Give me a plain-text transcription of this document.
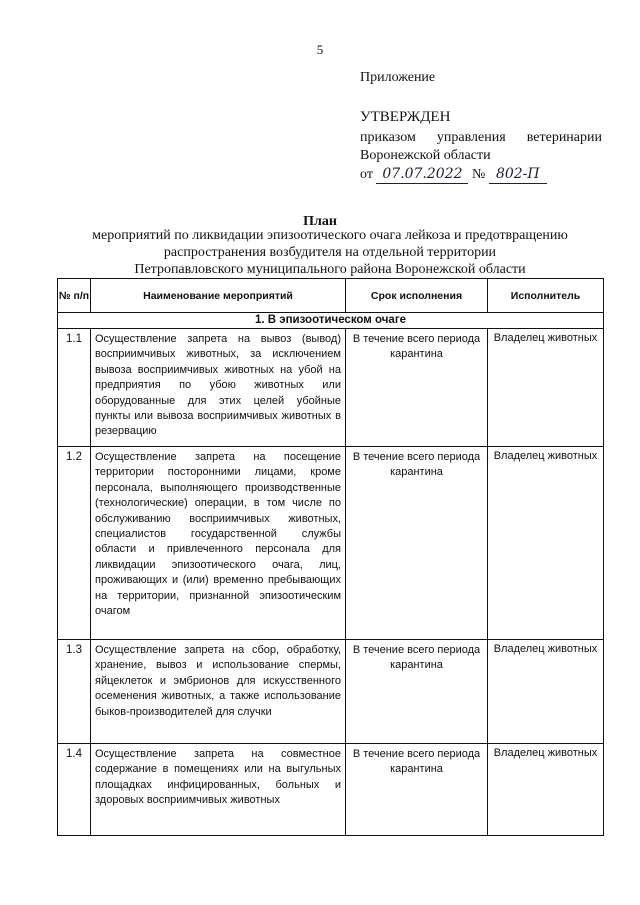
5
Приложение
УТВЕРЖДЕН
приказом управления ветеринарии
Воронежской области
от 07.07.2022 № 802-П
План
мероприятий по ликвидации эпизоотического очага лейкоза и предотвращению
распространения возбудителя на отдельной территории
Петропавловского муниципального района Воронежской области
№ п/п	Наименование мероприятий	Срок исполнения	Исполнитель
1. В эпизоотическом очаге			
1.1	Осуществление запрета на вывоз (вывод) восприимчивых животных, за исключением вывоза восприимчивых животных на убой на предприятия по убою животных или оборудованные для этих целей убойные пункты или вывоза восприимчивых животных в резервацию	В течение всего периода карантина	Владелец животных
1.2	Осуществление запрета на посещение территории посторонними лицами, кроме персонала, выполняющего производственные (технологические) операции, в том числе по обслуживанию восприимчивых животных, специалистов государственной службы области и привлеченного персонала для ликвидации эпизоотического очага, лиц, проживающих и (или) временно пребывающих на территории, признанной эпизоотическим очагом	В течение всего периода карантина	Владелец животных
1.3	Осуществление запрета на сбор, обработку, хранение, вывоз и использование спермы, яйцеклеток и эмбрионов для искусственного осеменения животных, а также использование быков-производителей для случки	В течение всего периода карантина	Владелец животных
1.4	Осуществление запрета на совместное содержание в помещениях или на выгульных площадках инфицированных, больных и здоровых восприимчивых животных	В течение всего периода карантина	Владелец животных
